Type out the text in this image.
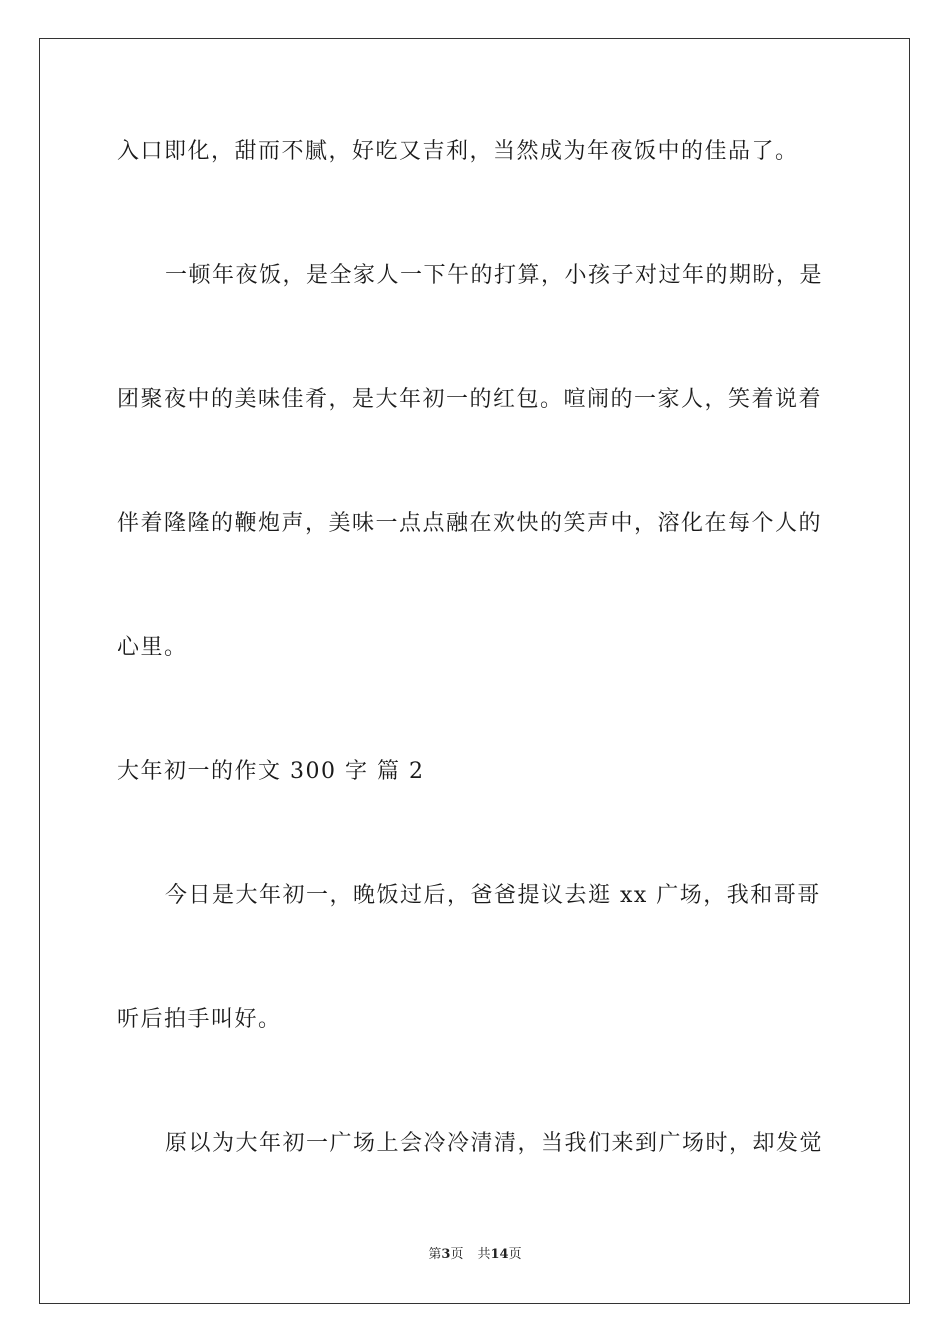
入口即化，甜而不腻，好吃又吉利，当然成为年夜饭中的佳品了。
一顿年夜饭，是全家人一下午的打算，小孩子对过年的期盼，是
团聚夜中的美味佳肴，是大年初一的红包。喧闹的一家人，笑着说着
伴着隆隆的鞭炮声，美味一点点融在欢快的笑声中，溶化在每个人的
心里。
大年初一的作文 300 字 篇 2
今日是大年初一，晚饭过后，爸爸提议去逛 xx 广场，我和哥哥
听后拍手叫好。
原以为大年初一广场上会冷冷清清，当我们来到广场时，却发觉
第3页 共14页
